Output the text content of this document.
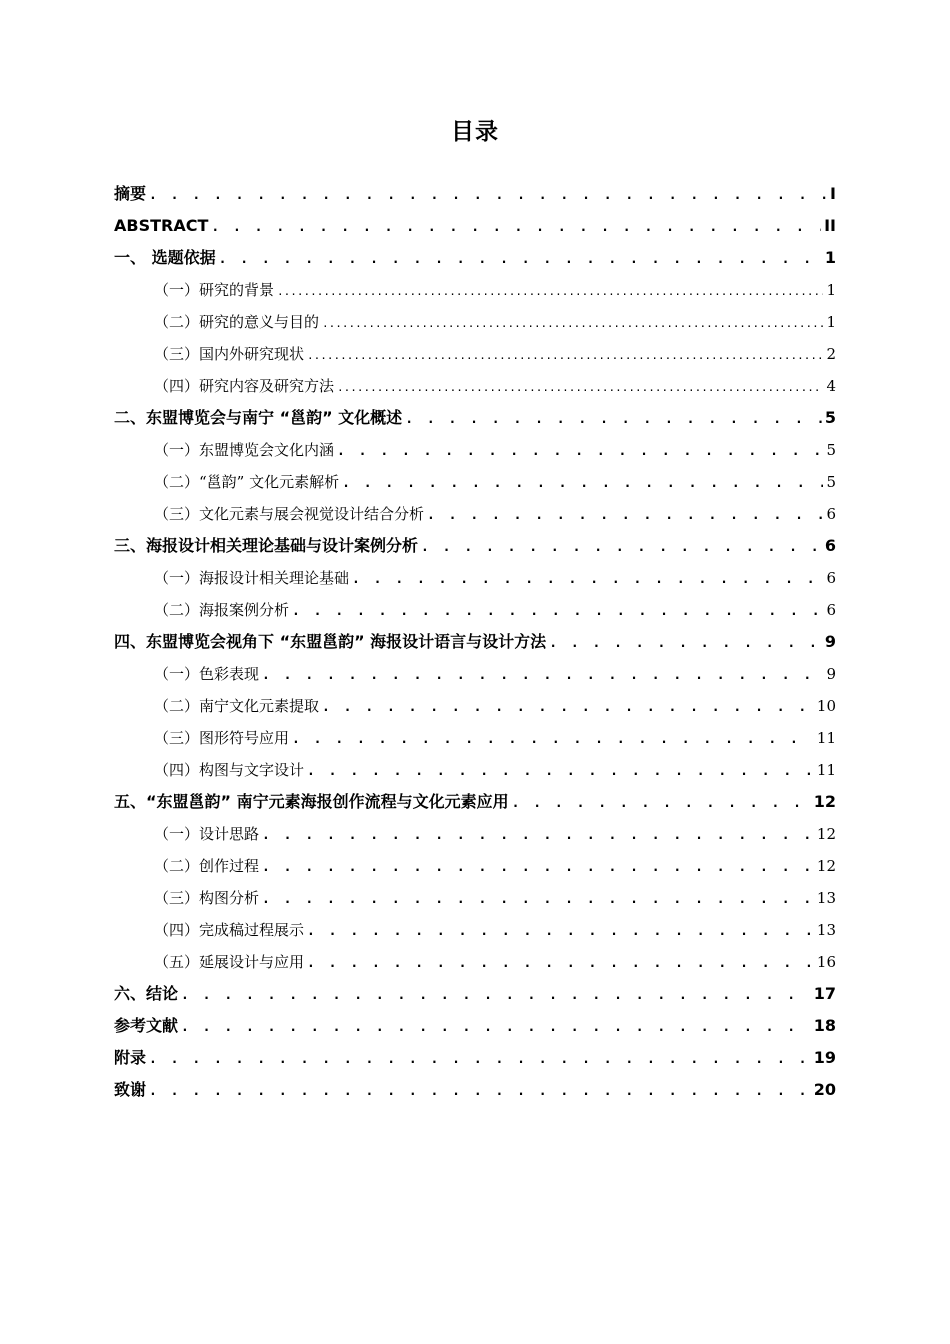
目录
摘要 . . .	I
ABSTRACT . . .	II
一、 选题依据 . . .	1
（一）研究的背景 .....	1
（二）研究的意义与目的 .....	1
（三）国内外研究现状 .....	2
（四）研究内容及研究方法 .....	4
二、东盟博览会与南宁 “邕韵” 文化概述 . . .	5
（一）东盟博览会文化内涵 . . .	5
（二）“邕韵” 文化元素解析 . . .	5
（三）文化元素与展会视觉设计结合分析 . . .	6
三、海报设计相关理论基础与设计案例分析 . . .	6
（一）海报设计相关理论基础 . . .	6
（二）海报案例分析 . . .	6
四、东盟博览会视角下 “东盟邕韵” 海报设计语言与设计方法 . . .	9
（一）色彩表现 . . .	9
（二）南宁文化元素提取 . . .	10
（三）图形符号应用 . . .	11
（四）构图与文字设计 . . .	11
五、“东盟邕韵” 南宁元素海报创作流程与文化元素应用 . . .	12
（一）设计思路 . . .	12
（二）创作过程 . . .	12
（三）构图分析 . . .	13
（四）完成稿过程展示 . . .	13
（五）延展设计与应用 . . .	16
六、结论 . . .	17
参考文献 . . .	18
附录 . . .	19
致谢 . . .	20
